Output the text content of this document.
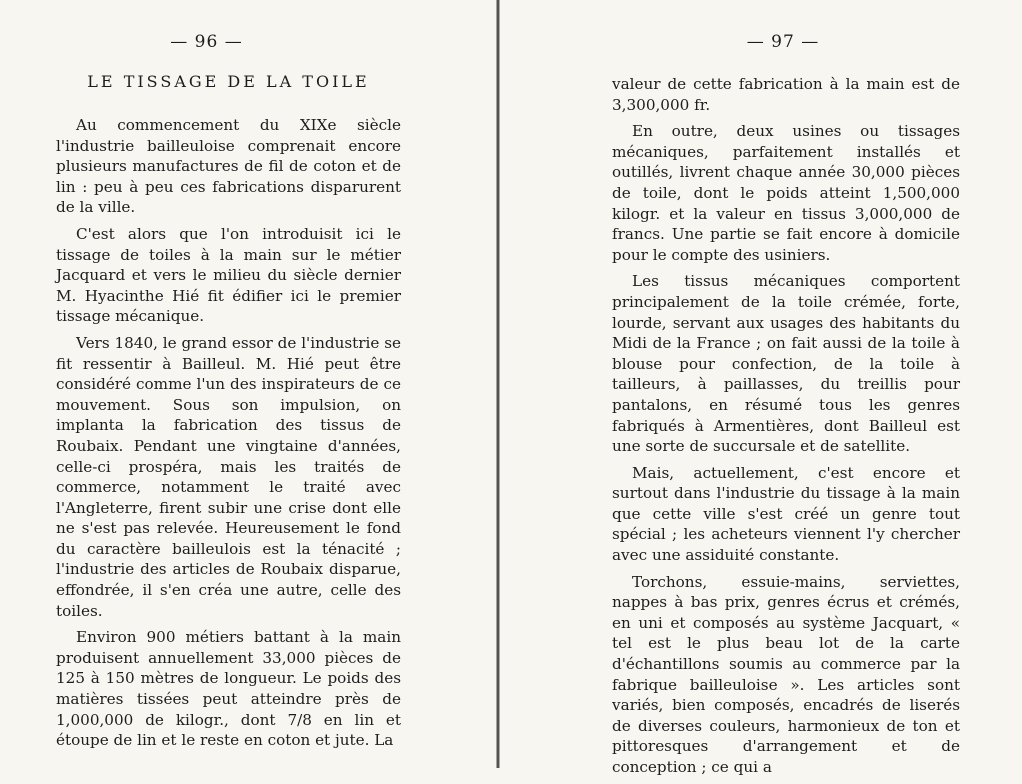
— 96 —
LE TISSAGE DE LA TOILE

Au commencement du XIXe siècle l'industrie bailleuloise comprenait encore plusieurs manufactures de fil de coton et de lin : peu à peu ces fabrications disparurent de la ville.

C'est alors que l'on introduisit ici le tissage de toiles à la main sur le métier Jacquard et vers le milieu du siècle dernier M. Hyacinthe Hié fit édifier ici le premier tissage mécanique.

Vers 1840, le grand essor de l'industrie se fit ressentir à Bailleul. M. Hié peut être considéré comme l'un des inspirateurs de ce mouvement. Sous son impulsion, on implanta la fabrication des tissus de Roubaix. Pendant une vingtaine d'années, celle-ci prospéra, mais les traités de commerce, notamment le traité avec l'Angleterre, firent subir une crise dont elle ne s'est pas relevée. Heureusement le fond du caractère bailleulois est la ténacité ; l'industrie des articles de Roubaix disparue, effondrée, il s'en créa une autre, celle des toiles.

Environ 900 métiers battant à la main produisent annuellement 33,000 pièces de 125 à 150 mètres de longueur. Le poids des matières tissées peut atteindre près de 1,000,000 de kilogr., dont 7/8 en lin et étoupe de lin et le reste en coton et jute. La

— 97 —

valeur de cette fabrication à la main est de 3,300,000 fr.

En outre, deux usines ou tissages mécaniques, parfaitement installés et outillés, livrent chaque année 30,000 pièces de toile, dont le poids atteint 1,500,000 kilogr. et la valeur en tissus 3,000,000 de francs. Une partie se fait encore à domicile pour le compte des usiniers.

Les tissus mécaniques comportent principalement de la toile crémée, forte, lourde, servant aux usages des habitants du Midi de la France ; on fait aussi de la toile à blouse pour confection, de la toile à tailleurs, à paillasses, du treillis pour pantalons, en résumé tous les genres fabriqués à Armentières, dont Bailleul est une sorte de succursale et de satellite.

Mais, actuellement, c'est encore et surtout dans l'industrie du tissage à la main que cette ville s'est créé un genre tout spécial ; les acheteurs viennent l'y chercher avec une assiduité constante.

Torchons, essuie-mains, serviettes, nappes à bas prix, genres écrus et crémés, en uni et composés au système Jacquart, « tel est le plus beau lot de la carte d'échantillons soumis au commerce par la fabrique bailleuloise ». Les articles sont variés, bien composés, encadrés de liserés de diverses couleurs, harmonieux de ton et pittoresques d'arrangement et de conception ; ce qui a
